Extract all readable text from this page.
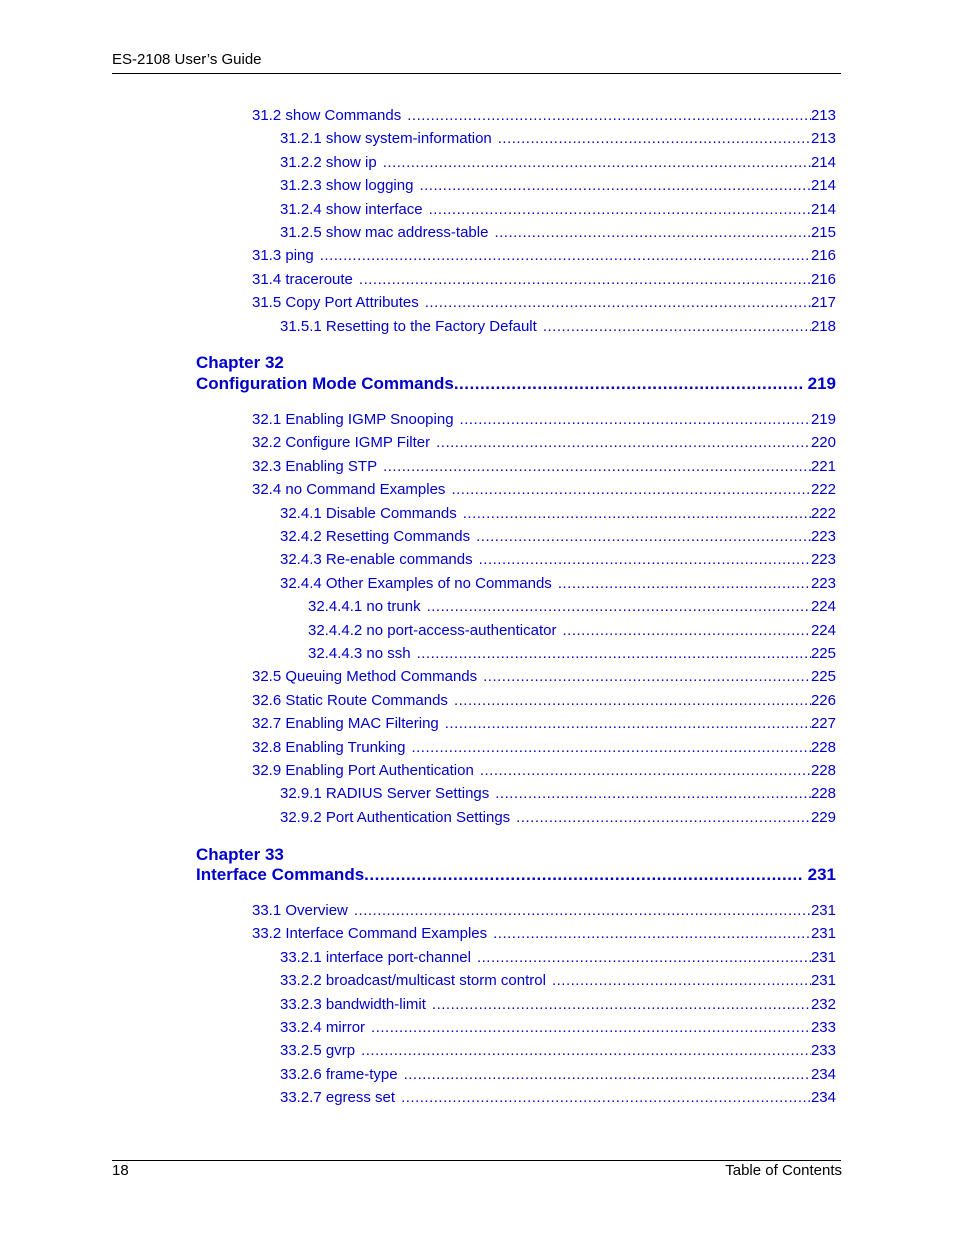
ES-2108 User’s Guide
31.2 show Commands .....	213
31.2.1 show system-information .....	213
31.2.2 show ip .....	214
31.2.3 show logging .....	214
31.2.4 show interface .....	214
31.2.5 show mac address-table .....	215
31.3 ping .....	216
31.4 traceroute .....	216
31.5 Copy Port Attributes .....	217
31.5.1 Resetting to the Factory Default .....	218
Chapter 32
Configuration Mode Commands .....	219
32.1 Enabling IGMP Snooping .....	219
32.2 Configure IGMP Filter .....	220
32.3 Enabling STP .....	221
32.4 no Command Examples .....	222
32.4.1 Disable Commands .....	222
32.4.2 Resetting Commands .....	223
32.4.3 Re-enable commands .....	223
32.4.4 Other Examples of no Commands .....	223
32.4.4.1 no trunk .....	224
32.4.4.2 no port-access-authenticator .....	224
32.4.4.3 no ssh .....	225
32.5 Queuing Method Commands .....	225
32.6 Static Route Commands .....	226
32.7 Enabling MAC Filtering .....	227
32.8 Enabling Trunking .....	228
32.9 Enabling Port Authentication .....	228
32.9.1 RADIUS Server Settings .....	228
32.9.2 Port Authentication Settings .....	229
Chapter 33
Interface Commands .....	231
33.1 Overview .....	231
33.2 Interface Command Examples .....	231
33.2.1 interface port-channel .....	231
33.2.2 broadcast/multicast storm control .....	231
33.2.3 bandwidth-limit .....	232
33.2.4 mirror .....	233
33.2.5 gvrp .....	233
33.2.6 frame-type .....	234
33.2.7 egress set .....	234
18	Table of Contents
